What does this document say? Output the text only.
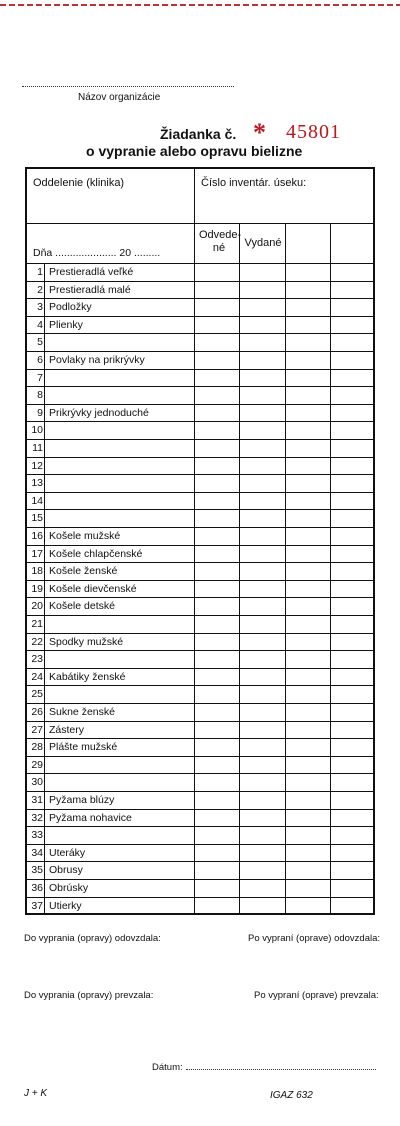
Názov organizácie
Žiadanka č. * 45801
o vypranie alebo opravu bielizne
Oddelenie (klinika)	Číslo inventár. úseku:
Dňa ..................... 20 .........
Odvede-
né	Vydané
1 Prestieradlá veľké
2 Prestieradlá malé
3 Podložky
4 Plienky
5
6 Povlaky na prikrývky
7
8
9 Prikrývky jednoduché
10
11
12
13
14
15
16 Košele mužské
17 Košele chlapčenské
18 Košele ženské
19 Košele dievčenské
20 Košele detské
21
22 Spodky mužské
23
24 Kabátiky ženské
25
26 Sukne ženské
27 Zástery
28 Plášte mužské
29
30
31 Pyžama blúzy
32 Pyžama nohavice
33
34 Uteráky
35 Obrusy
36 Obrúsky
37 Utierky
Do vyprania (opravy) odovzdala:	Po vypraní (oprave) odovzdala:
Do vyprania (opravy) prevzala:	Po vypraní (oprave) prevzala:
Dátum:
J + K	IGAZ 632
